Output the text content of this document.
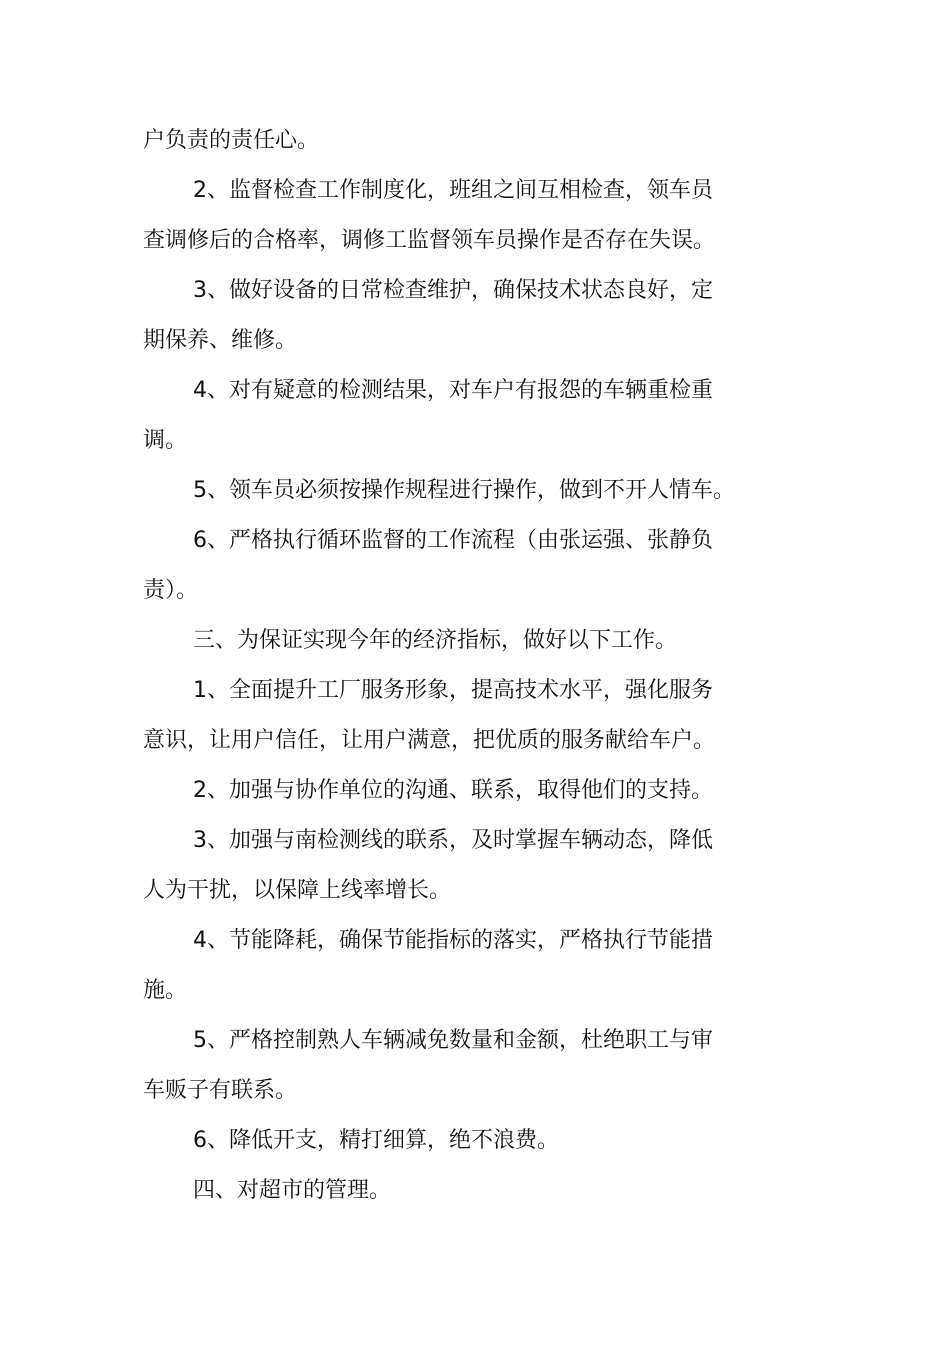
户负责的责任心。
2、监督检查工作制度化，班组之间互相检查，领车员
查调修后的合格率，调修工监督领车员操作是否存在失误。
3、做好设备的日常检查维护，确保技术状态良好，定
期保养、维修。
4、对有疑意的检测结果，对车户有报怨的车辆重检重
调。
5、领车员必须按操作规程进行操作，做到不开人情车。
6、严格执行循环监督的工作流程（由张运强、张静负
责）。
三、为保证实现今年的经济指标，做好以下工作。
1、全面提升工厂服务形象，提高技术水平，强化服务
意识，让用户信任，让用户满意，把优质的服务献给车户。
2、加强与协作单位的沟通、联系，取得他们的支持。
3、加强与南检测线的联系，及时掌握车辆动态，降低
人为干扰，以保障上线率增长。
4、节能降耗，确保节能指标的落实，严格执行节能措
施。
5、严格控制熟人车辆减免数量和金额，杜绝职工与审
车贩子有联系。
6、降低开支，精打细算，绝不浪费。
四、对超市的管理。
